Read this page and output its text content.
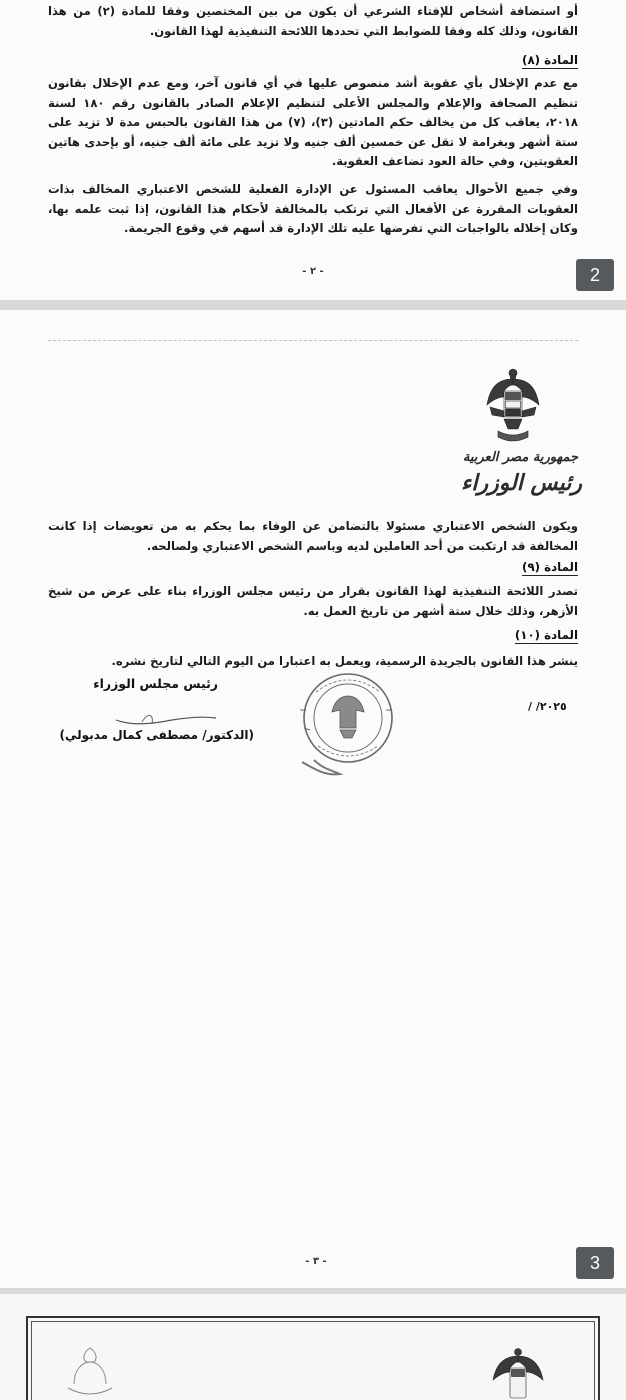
أو استضافة أشخاص للإفتاء الشرعي أن يكون من بين المختصين وفقا للمادة (٢) من هذا القانون، وذلك كله وفقا للضوابط التي تحددها اللائحة التنفيذية لهذا القانون.
المادة (٨)
مع عدم الإخلال بأي عقوبة أشد منصوص عليها في أي قانون آخر، ومع عدم الإخلال بقانون تنظيم الصحافة والإعلام والمجلس الأعلى لتنظيم الإعلام الصادر بالقانون رقم ١٨٠ لسنة ٢٠١٨، يعاقب كل من يخالف حكم المادتين (٣)، (٧) من هذا القانون بالحبس مدة لا تزيد على ستة أشهر وبغرامة لا تقل عن خمسين ألف جنيه ولا تزيد على مائة ألف جنيه، أو بإحدى هاتين العقوبتين، وفي حالة العود تضاعف العقوبة.
وفي جميع الأحوال يعاقب المسئول عن الإدارة الفعلية للشخص الاعتباري المخالف بذات العقوبات المقررة عن الأفعال التي ترتكب بالمخالفة لأحكام هذا القانون، إذا ثبت علمه بها، وكان إخلاله بالواجبات التي تفرضها عليه تلك الإدارة قد أسهم في وقوع الجريمة.
- ٢ -	2
جمهورية مصر العربية
رئيس الوزراء
ويكون الشخص الاعتباري مسئولا بالتضامن عن الوفاء بما يحكم به من تعويضات إذا كانت المخالفة قد ارتكبت من أحد العاملين لديه وباسم الشخص الاعتباري ولصالحه.
المادة (٩)
تصدر اللائحة التنفيذية لهذا القانون بقرار من رئيس مجلس الوزراء بناء على عرض من شيخ الأزهر، وذلك خلال ستة أشهر من تاريخ العمل به.
المادة (١٠)
ينشر هذا القانون بالجريدة الرسمية، ويعمل به اعتبارا من اليوم التالي لتاريخ نشره.
رئيس مجلس الوزراء
(الدكتور/ مصطفى كمال مدبولي)
/ /٢٠٢٥
- ٣ -	3
